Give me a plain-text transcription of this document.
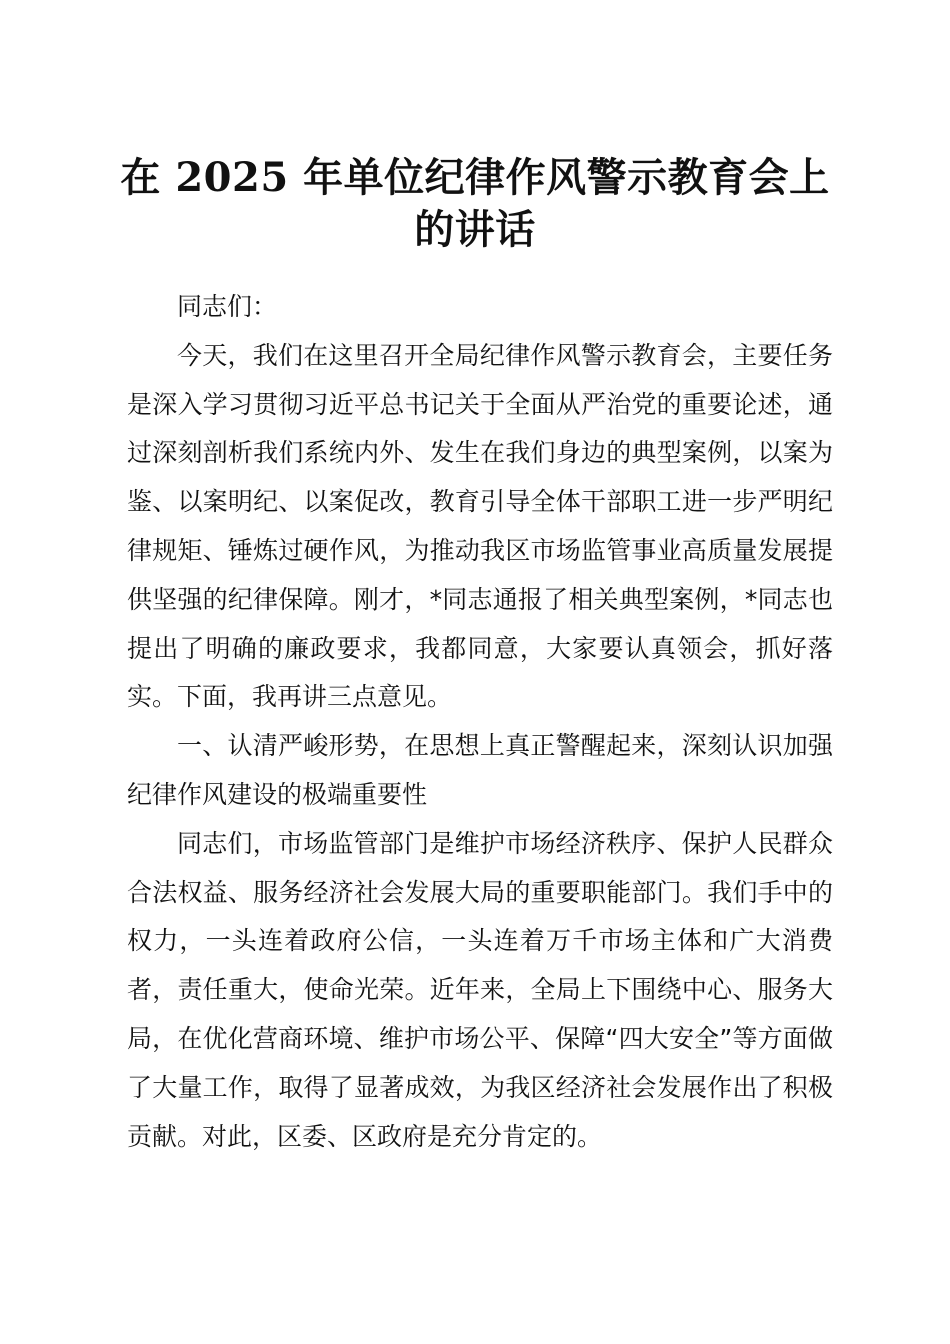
在 2025 年单位纪律作风警示教育会上的讲话

同志们：

今天，我们在这里召开全局纪律作风警示教育会，主要任务是深入学习贯彻习近平总书记关于全面从严治党的重要论述，通过深刻剖析我们系统内外、发生在我们身边的典型案例，以案为鉴、以案明纪、以案促改，教育引导全体干部职工进一步严明纪律规矩、锤炼过硬作风，为推动我区市场监管事业高质量发展提供坚强的纪律保障。刚才，*同志通报了相关典型案例，*同志也提出了明确的廉政要求，我都同意，大家要认真领会，抓好落实。下面，我再讲三点意见。

一、认清严峻形势，在思想上真正警醒起来，深刻认识加强纪律作风建设的极端重要性

同志们，市场监管部门是维护市场经济秩序、保护人民群众合法权益、服务经济社会发展大局的重要职能部门。我们手中的权力，一头连着政府公信，一头连着万千市场主体和广大消费者，责任重大，使命光荣。近年来，全局上下围绕中心、服务大局，在优化营商环境、维护市场公平、保障“四大安全”等方面做了大量工作，取得了显著成效，为我区经济社会发展作出了积极贡献。对此，区委、区政府是充分肯定的。
